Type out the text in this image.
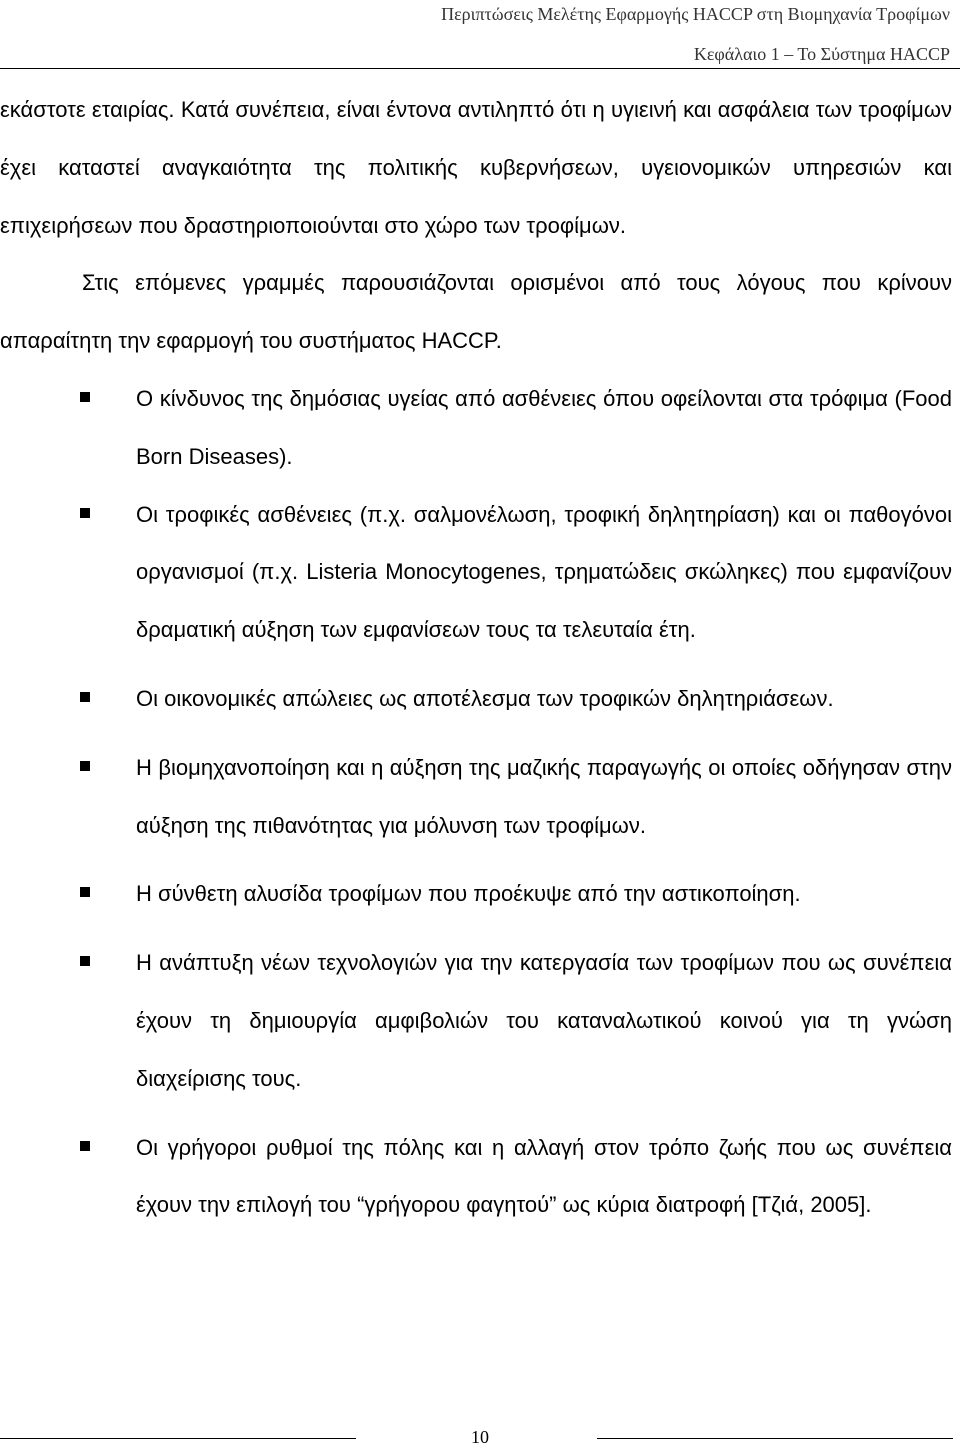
Περιπτώσεις Μελέτης Εφαρμογής HACCP στη Βιομηχανία Τροφίμων
Κεφάλαιο 1 – Το Σύστημα HACCP

εκάστοτε εταιρίας. Κατά συνέπεια, είναι έντονα αντιληπτό ότι η υγιεινή και ασφάλεια των τροφίμων έχει καταστεί αναγκαιότητα της πολιτικής κυβερνήσεων, υγειονομικών υπηρεσιών και επιχειρήσεων που δραστηριοποιούνται στο χώρο των τροφίμων.

Στις επόμενες γραμμές παρουσιάζονται ορισμένοι από τους λόγους που κρίνουν απαραίτητη την εφαρμογή του συστήματος HACCP.

Ο κίνδυνος της δημόσιας υγείας από ασθένειες όπου οφείλονται στα τρόφιμα (Food Born Diseases).
Οι τροφικές ασθένειες (π.χ. σαλμονέλωση, τροφική δηλητηρίαση) και οι παθογόνοι οργανισμοί (π.χ. Listeria Monocytogenes, τρηματώδεις σκώληκες) που εμφανίζουν δραματική αύξηση των εμφανίσεων τους τα τελευταία έτη.
Οι οικονομικές απώλειες ως αποτέλεσμα των τροφικών δηλητηριάσεων.
Η βιομηχανοποίηση και η αύξηση της μαζικής παραγωγής οι οποίες οδήγησαν στην αύξηση της πιθανότητας για μόλυνση των τροφίμων.
Η σύνθετη αλυσίδα τροφίμων που προέκυψε από την αστικοποίηση.
Η ανάπτυξη νέων τεχνολογιών για την κατεργασία των τροφίμων που ως συνέπεια έχουν τη δημιουργία αμφιβολιών του καταναλωτικού κοινού για τη γνώση διαχείρισης τους.
Οι γρήγοροι ρυθμοί της πόλης και η αλλαγή στον τρόπο ζωής που ως συνέπεια έχουν την επιλογή του “γρήγορου φαγητού” ως κύρια διατροφή [Τζιά, 2005].
10
